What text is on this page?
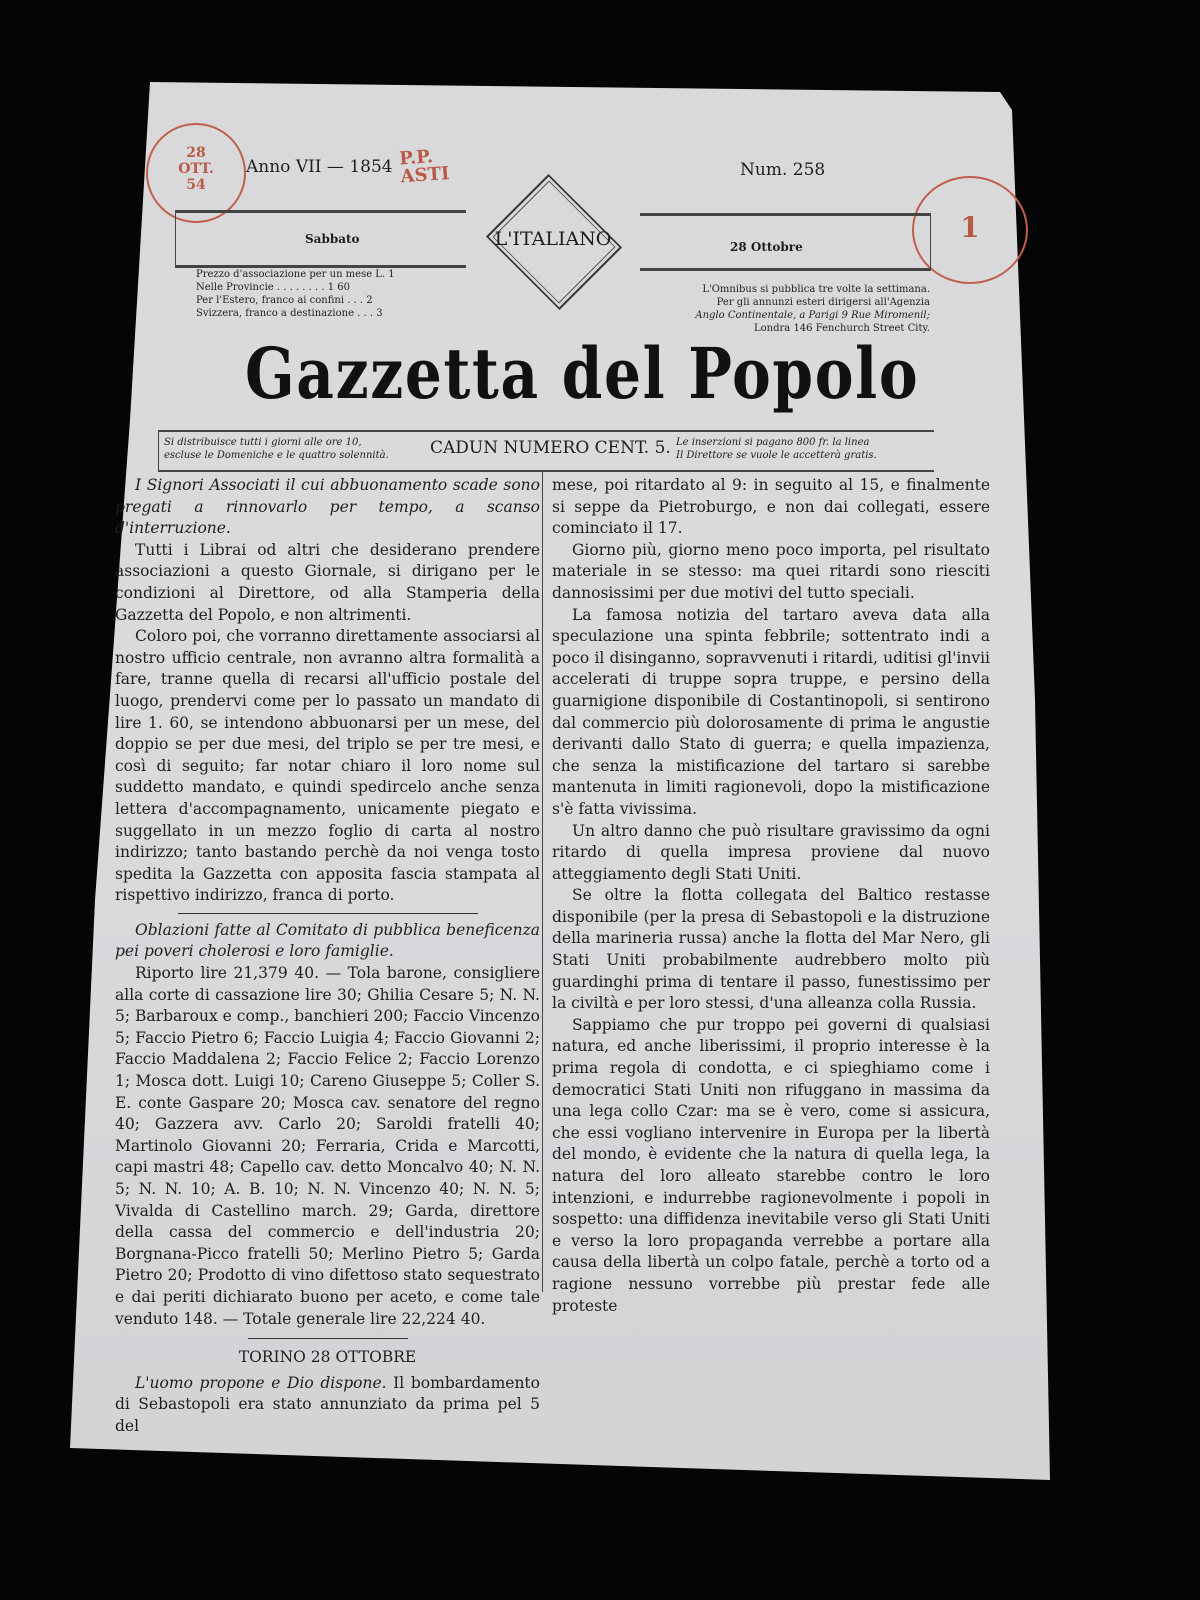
28
OTT.
54
P.P. ASTI
1
Anno VII — 1854	Num. 258
Sabbato
28 Ottobre
L'ITALIANO
Prezzo d'associazione per un mese L. 1
Nelle Provincie . . . . . . . . 1 60
Per l'Estero, franco ai confini . . . 2
Svizzera, franco a destinazione . . . 3
L'Omnibus si pubblica tre volte la settimana.
Per gli annunzi esteri dirigersi all'Agenzia
Anglo Continentale, a Parigi 9 Rue Miromenil;
Londra 146 Fenchurch Street City.
Gazzetta del Popolo
Si distribuisce tutti i giorni alle ore 10,
escluse le Domeniche e le quattro solennità.	CADUN NUMERO CENT. 5. Le inserzioni si pagano 800 fr. la linea
Il Direttore se vuole le accetterà gratis.

I Signori Associati il cui abbuonamento scade sono pregati a rinnovarlo per tempo, a scanso d'interruzione.

Tutti i Librai od altri che desiderano prendere associazioni a questo Giornale, si dirigano per le condizioni al Direttore, od alla Stamperia della Gazzetta del Popolo, e non altrimenti.

Coloro poi, che vorranno direttamente associarsi al nostro ufficio centrale, non avranno altra formalità a fare, tranne quella di recarsi all'ufficio postale del luogo, prendervi come per lo passato un mandato di lire 1. 60, se intendono abbuonarsi per un mese, del doppio se per due mesi, del triplo se per tre mesi, e così di seguito; far notar chiaro il loro nome sul suddetto mandato, e quindi spedircelo anche senza lettera d'accompagnamento, unicamente piegato e suggellato in un mezzo foglio di carta al nostro indirizzo; tanto bastando perchè da noi venga tosto spedita la Gazzetta con apposita fascia stampata al rispettivo indirizzo, franca di porto.

Oblazioni fatte al Comitato di pubblica beneficenza pei poveri cholerosi e loro famiglie.

Riporto lire 21,379 40. — Tola barone, consigliere alla corte di cassazione lire 30; Ghilia Cesare 5; N. N. 5; Barbaroux e comp., banchieri 200; Faccio Vincenzo 5; Faccio Pietro 6; Faccio Luigia 4; Faccio Giovanni 2; Faccio Maddalena 2; Faccio Felice 2; Faccio Lorenzo 1; Mosca dott. Luigi 10; Careno Giuseppe 5; Coller S. E. conte Gaspare 20; Mosca cav. senatore del regno 40; Gazzera avv. Carlo 20; Saroldi fratelli 40; Martinolo Giovanni 20; Ferraria, Crida e Marcotti, capi mastri 48; Capello cav. detto Moncalvo 40; N. N. 5; N. N. 10; A. B. 10; N. N. Vincenzo 40; N. N. 5; Vivalda di Castellino march. 29; Garda, direttore della cassa del commercio e dell'industria 20; Borgnana-Picco fratelli 50; Merlino Pietro 5; Garda Pietro 20; Prodotto di vino difettoso stato sequestrato e dai periti dichiarato buono per aceto, e come tale venduto 148. — Totale generale lire 22,224 40.

TORINO 28 OTTOBRE

L'uomo propone e Dio dispone. Il bombardamento di Sebastopoli era stato annunziato da prima pel 5 del

mese, poi ritardato al 9: in seguito al 15, e finalmente si seppe da Pietroburgo, e non dai collegati, essere cominciato il 17.

Giorno più, giorno meno poco importa, pel risultato materiale in se stesso: ma quei ritardi sono riesciti dannosissimi per due motivi del tutto speciali.

La famosa notizia del tartaro aveva data alla speculazione una spinta febbrile; sottentrato indi a poco il disinganno, sopravvenuti i ritardi, uditisi gl'invii accelerati di truppe sopra truppe, e persino della guarnigione disponibile di Costantinopoli, si sentirono dal commercio più dolorosamente di prima le angustie derivanti dallo Stato di guerra; e quella impazienza, che senza la mistificazione del tartaro si sarebbe mantenuta in limiti ragionevoli, dopo la mistificazione s'è fatta vivissima.

Un altro danno che può risultare gravissimo da ogni ritardo di quella impresa proviene dal nuovo atteggiamento degli Stati Uniti.

Se oltre la flotta collegata del Baltico restasse disponibile (per la presa di Sebastopoli e la distruzione della marineria russa) anche la flotta del Mar Nero, gli Stati Uniti probabilmente audrebbero molto più guardinghi prima di tentare il passo, funestissimo per la civiltà e per loro stessi, d'una alleanza colla Russia.

Sappiamo che pur troppo pei governi di qualsiasi natura, ed anche liberissimi, il proprio interesse è la prima regola di condotta, e ci spieghiamo come i democratici Stati Uniti non rifuggano in massima da una lega collo Czar: ma se è vero, come si assicura, che essi vogliano intervenire in Europa per la libertà del mondo, è evidente che la natura di quella lega, la natura del loro alleato starebbe contro le loro intenzioni, e indurrebbe ragionevolmente i popoli in sospetto: una diffidenza inevitabile verso gli Stati Uniti e verso la loro propaganda verrebbe a portare alla causa della libertà un colpo fatale, perchè a torto od a ragione nessuno vorrebbe più prestar fede alle proteste
